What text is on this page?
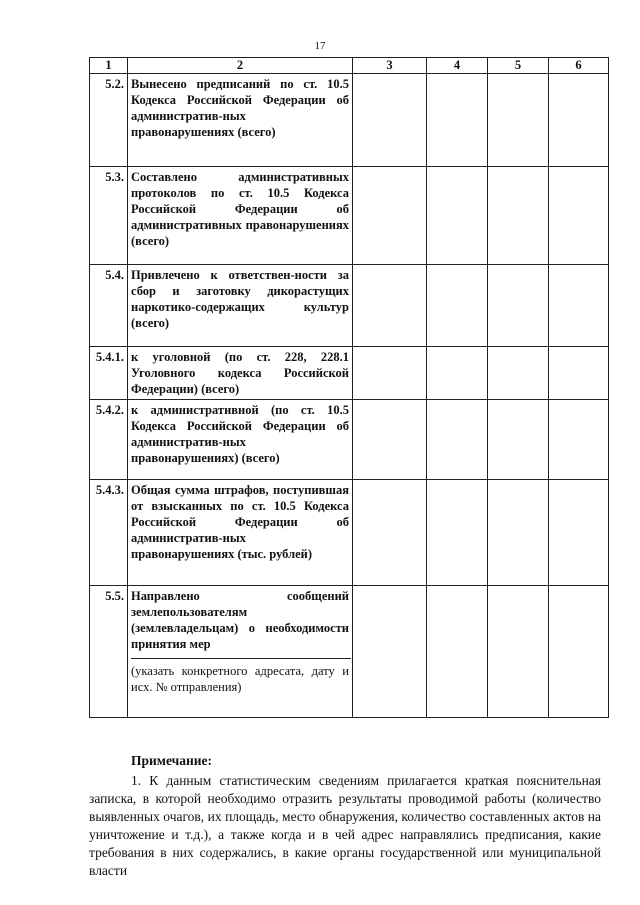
17
1	2	3	4	5	6
5.2.	Вынесено предписаний по ст. 10.5 Кодекса Российской Федерации об административ-ных правонарушениях (всего)				
5.3.	Составлено административных протоколов по ст. 10.5 Кодекса Российской Федерации об административных правонарушениях (всего)				
5.4.	Привлечено к ответствен-ности за сбор и заготовку дикорастущих наркотико-содержащих культур (всего)				
5.4.1.	к уголовной (по ст. 228, 228.1 Уголовного кодекса Российской Федерации) (всего)				
5.4.2.	к административной (по ст. 10.5 Кодекса Российской Федерации об административ-ных правонарушениях) (всего)				
5.4.3.	Общая сумма штрафов, поступившая от взысканных по ст. 10.5 Кодекса Российской Федерации об административ-ных правонарушениях (тыс. рублей)				
5.5.	Направлено сообщений землепользователям (землевладельцам) о необходимости принятия мер
(указать конкретного адресата, дату и исх. № отправления)				

Примечание:
1. К данным статистическим сведениям прилагается краткая пояснительная записка, в которой необходимо отразить результаты проводимой работы (количество выявленных очагов, их площадь, место обнаружения, количество составленных актов на уничтожение и т.д.), а также когда и в чей адрес направлялись предписания, какие требования в них содержались, в какие органы государственной или муниципальной власти
